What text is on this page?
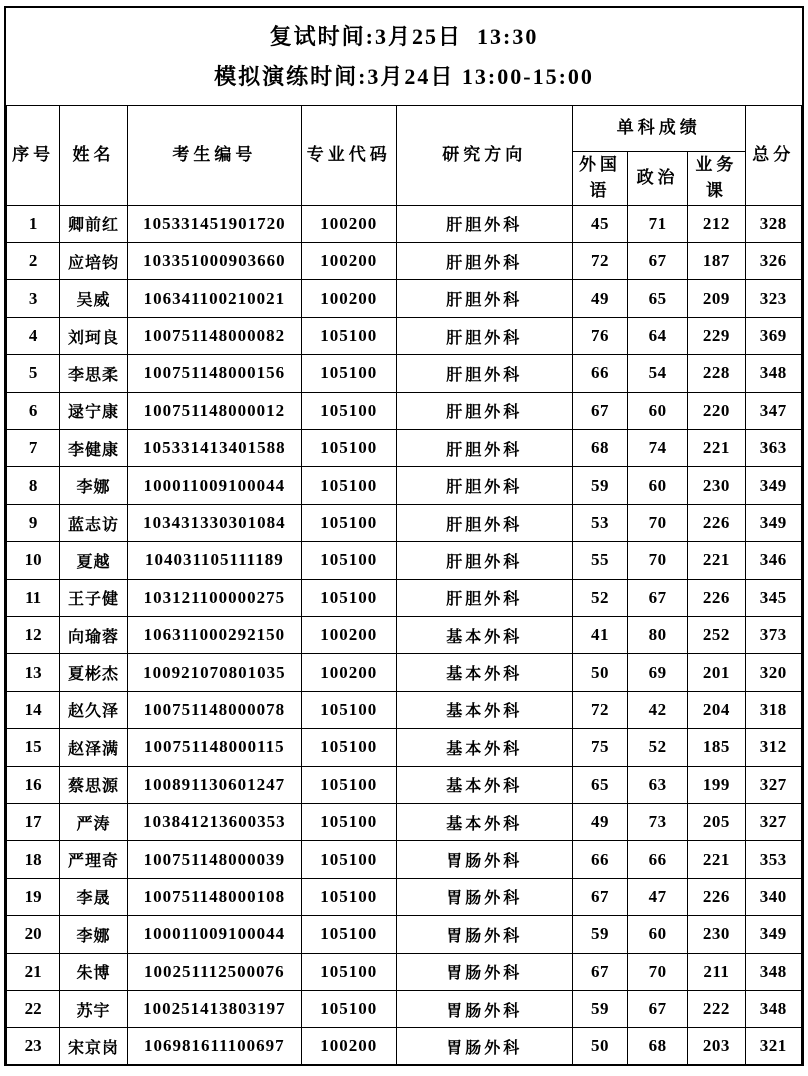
复试时间:3月25日  13:30
模拟演练时间:3月24日 13:00-15:00
序号	姓名	考生编号	专业代码	研究方向	单科成绩			总分
					外国语	政治	业务课	
1	卿前红	105331451901720	100200	肝胆外科	45	71	212	328
2	应培钧	103351000903660	100200	肝胆外科	72	67	187	326
3	吴威	106341100210021	100200	肝胆外科	49	65	209	323
4	刘珂良	100751148000082	105100	肝胆外科	76	64	229	369
5	李思柔	100751148000156	105100	肝胆外科	66	54	228	348
6	逯宁康	100751148000012	105100	肝胆外科	67	60	220	347
7	李健康	105331413401588	105100	肝胆外科	68	74	221	363
8	李娜	100011009100044	105100	肝胆外科	59	60	230	349
9	蓝志访	103431330301084	105100	肝胆外科	53	70	226	349
10	夏越	104031105111189	105100	肝胆外科	55	70	221	346
11	王子健	103121100000275	105100	肝胆外科	52	67	226	345
12	向瑜蓉	106311000292150	100200	基本外科	41	80	252	373
13	夏彬杰	100921070801035	100200	基本外科	50	69	201	320
14	赵久泽	100751148000078	105100	基本外科	72	42	204	318
15	赵泽满	100751148000115	105100	基本外科	75	52	185	312
16	蔡思源	100891130601247	105100	基本外科	65	63	199	327
17	严涛	103841213600353	105100	基本外科	49	73	205	327
18	严理奇	100751148000039	105100	胃肠外科	66	66	221	353
19	李晟	100751148000108	105100	胃肠外科	67	47	226	340
20	李娜	100011009100044	105100	胃肠外科	59	60	230	349
21	朱博	100251112500076	105100	胃肠外科	67	70	211	348
22	苏宇	100251413803197	105100	胃肠外科	59	67	222	348
23	宋京岗	106981611100697	100200	胃肠外科	50	68	203	321
